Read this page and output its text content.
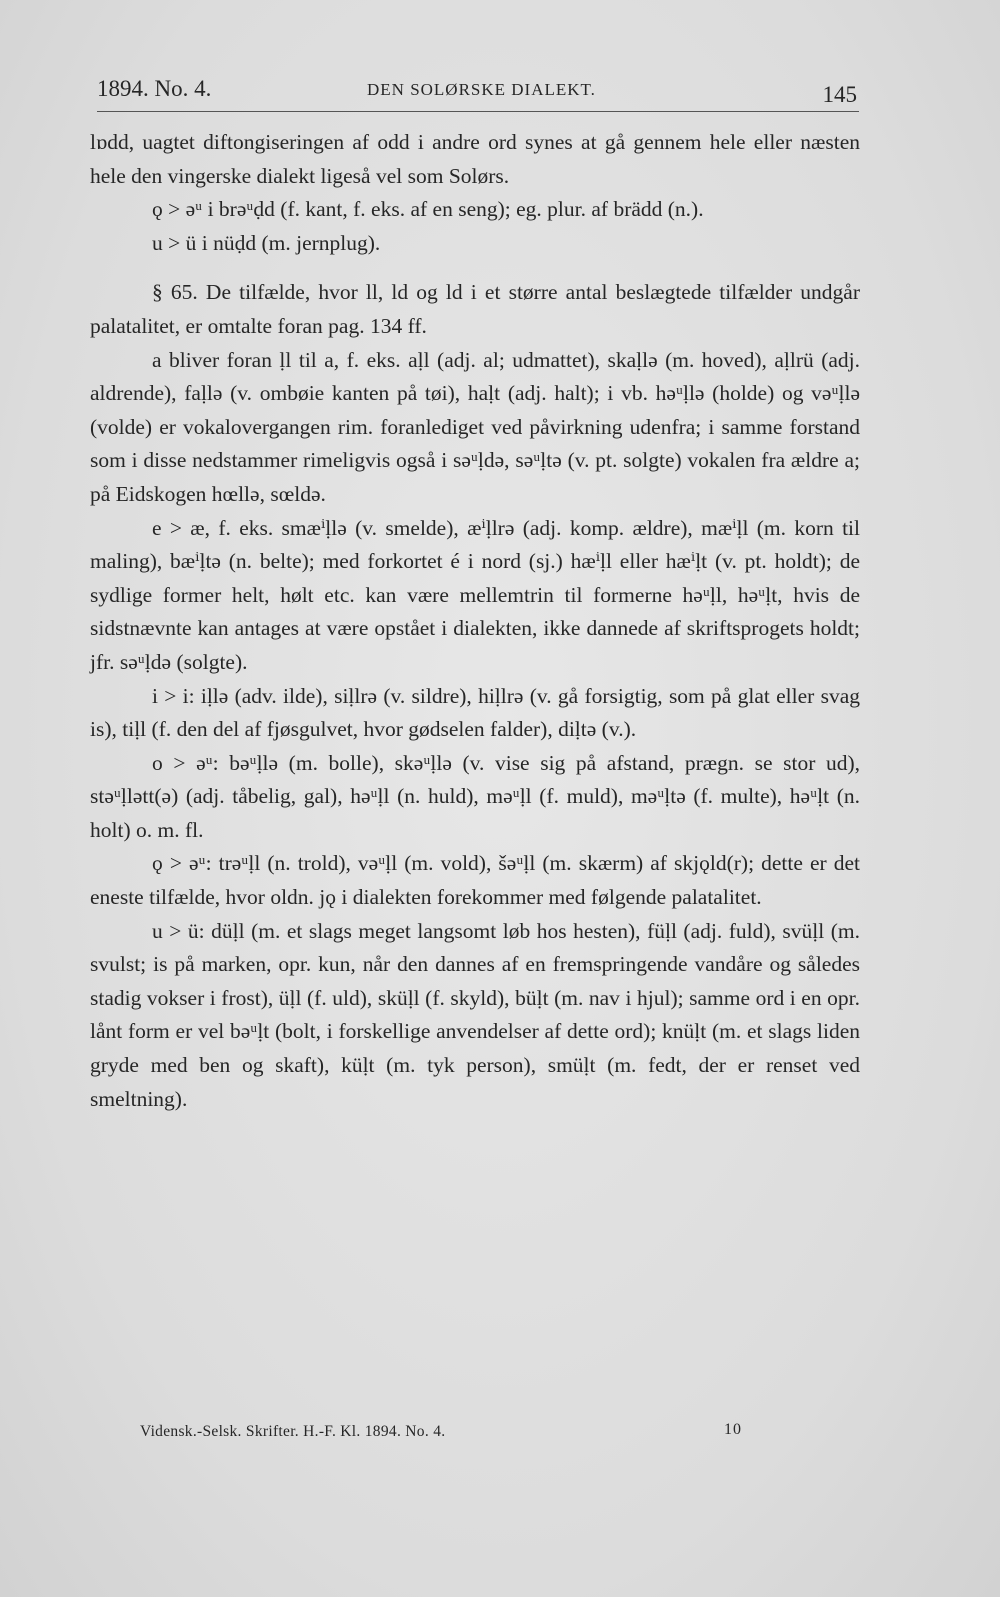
1894. No. 4.	DEN SOLØRSKE DIALEKT.	145

lɒdd, uagtet diftongiseringen af odd i andre ord synes at gå gennem hele eller næsten hele den vingerske dialekt ligeså vel som Solørs.

ǫ > əᵘ i brəᵘḍd (f. kant, f. eks. af en seng); eg. plur. af brädd (n.).

u > ü i nüḍd (m. jernplug).

§ 65. De tilfælde, hvor ll, ld og ld i et større antal beslægtede tilfælder undgår palatalitet, er omtalte foran pag. 134 ff.

a bliver foran ḷl til a, f. eks. aḷl (adj. al; udmattet), skaḷlə (m. hoved), aḷlrü (adj. aldrende), faḷlə (v. ombøie kanten på tøi), haḷt (adj. halt); i vb. həᵘḷlə (holde) og vəᵘḷlə (volde) er vokalovergangen rim. foranlediget ved påvirkning udenfra; i samme forstand som i disse nedstammer rimeligvis også i səᵘḷdə, səᵘḷtə (v. pt. solgte) vokalen fra ældre a; på Eidskogen hœllə, sœldə.

e > æ, f. eks. smæⁱḷlə (v. smelde), æⁱḷlrə (adj. komp. ældre), mæⁱḷl (m. korn til maling), bæⁱḷtə (n. belte); med forkortet é i nord (sj.) hæⁱḷl eller hæⁱḷt (v. pt. holdt); de sydlige former helt, hølt etc. kan være mellemtrin til formerne həᵘḷl, həᵘḷt, hvis de sidstnævnte kan antages at være opstået i dialekten, ikke dannede af skriftsprogets holdt; jfr. səᵘḷdə (solgte).

i > i: iḷlə (adv. ilde), siḷlrə (v. sildre), hiḷlrə (v. gå forsigtig, som på glat eller svag is), tiḷl (f. den del af fjøsgulvet, hvor gødselen falder), diḷtə (v.).

o > əᵘ: bəᵘḷlə (m. bolle), skəᵘḷlə (v. vise sig på afstand, prægn. se stor ud), stəᵘḷlətt(ə) (adj. tåbelig, gal), həᵘḷl (n. huld), məᵘḷl (f. muld), məᵘḷtə (f. multe), həᵘḷt (n. holt) o. m. fl.

ǫ > əᵘ: trəᵘḷl (n. trold), vəᵘḷl (m. vold), šəᵘḷl (m. skærm) af skjǫld(r); dette er det eneste tilfælde, hvor oldn. jǫ i dialekten forekommer med følgende palatalitet.

u > ü: düḷl (m. et slags meget langsomt løb hos hesten), füḷl (adj. fuld), svüḷl (m. svulst; is på marken, opr. kun, når den dannes af en fremspringende vandåre og således stadig vokser i frost), üḷl (f. uld), sküḷl (f. skyld), büḷt (m. nav i hjul); samme ord i en opr. lånt form er vel bəᵘḷt (bolt, i forskellige anvendelser af dette ord); knüḷt (m. et slags liden gryde med ben og skaft), küḷt (m. tyk person), smüḷt (m. fedt, der er renset ved smeltning).

Vidensk.-Selsk. Skrifter. H.-F. Kl. 1894. No. 4.	10
